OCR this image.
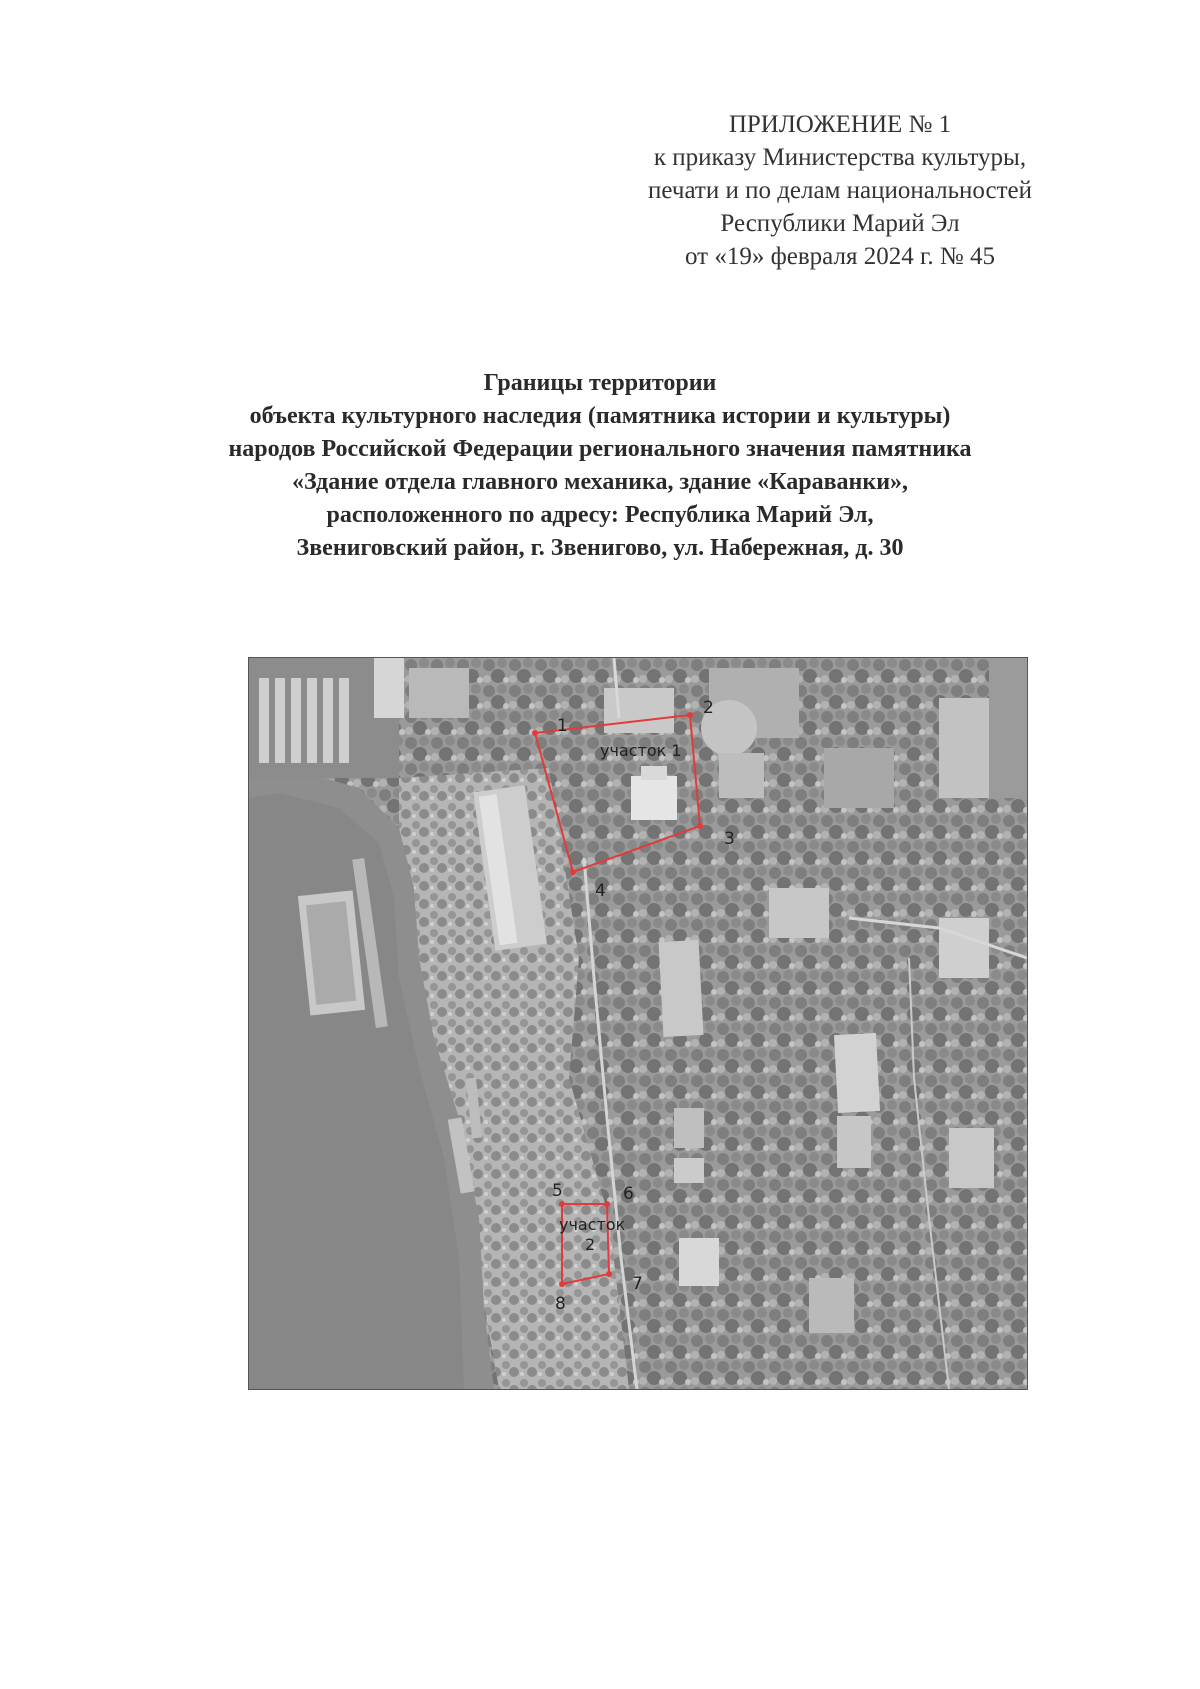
ПРИЛОЖЕНИЕ № 1
к приказу Министерства культуры,
печати и по делам национальностей
Республики Марий Эл
от «19» февраля 2024 г. № 45
Границы территории
объекта культурного наследия (памятника истории и культуры)
народов Российской Федерации регионального значения памятника
«Здание отдела главного механика, здание «Караванки»,
расположенного по адресу: Республика Марий Эл,
Звениговский район, г. Звенигово, ул. Набережная, д. 30
участок 1
участок
2
1
2
3
4
5	6
7
8
